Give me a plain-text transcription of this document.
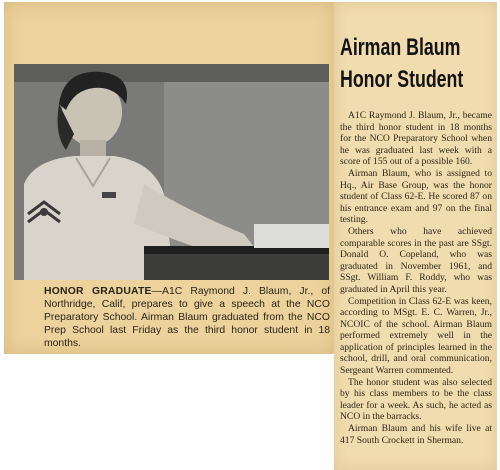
HONOR GRADUATE—A1C Raymond J. Blaum, Jr., of Northridge, Calif, prepares to give a speech at the NCO Preparatory School. Airman Blaum graduated from the NCO Prep School last Friday as the third honor student in 18 months.
Airman Blaum
Honor Student

A1C Raymond J. Blaum, Jr., became the third honor student in 18 months for the NCO Preparatory School when he was graduated last week with a score of 155 out of a possible 160.

Airman Blaum, who is assigned to Hq., Air Base Group, was the honor student of Class 62-E. He scored 87 on his entrance exam and 97 on the final testing.

Others who have achieved comparable scores in the past are SSgt. Donald O. Copeland, who was graduated in November 1961, and SSgt. William F. Roddy, who was graduated in April this year.

Competition in Class 62-E was keen, according to MSgt. E. C. Warren, Jr., NCOIC of the school. Airman Blaum performed extremely well in the application of principles learned in the school, drill, and oral communication, Sergeant Warren commented.

The honor student was also selected by his class members to be the class leader for a week. As such, he acted as NCO in the barracks.

Airman Blaum and his wife live at 417 South Crockett in Sherman.
